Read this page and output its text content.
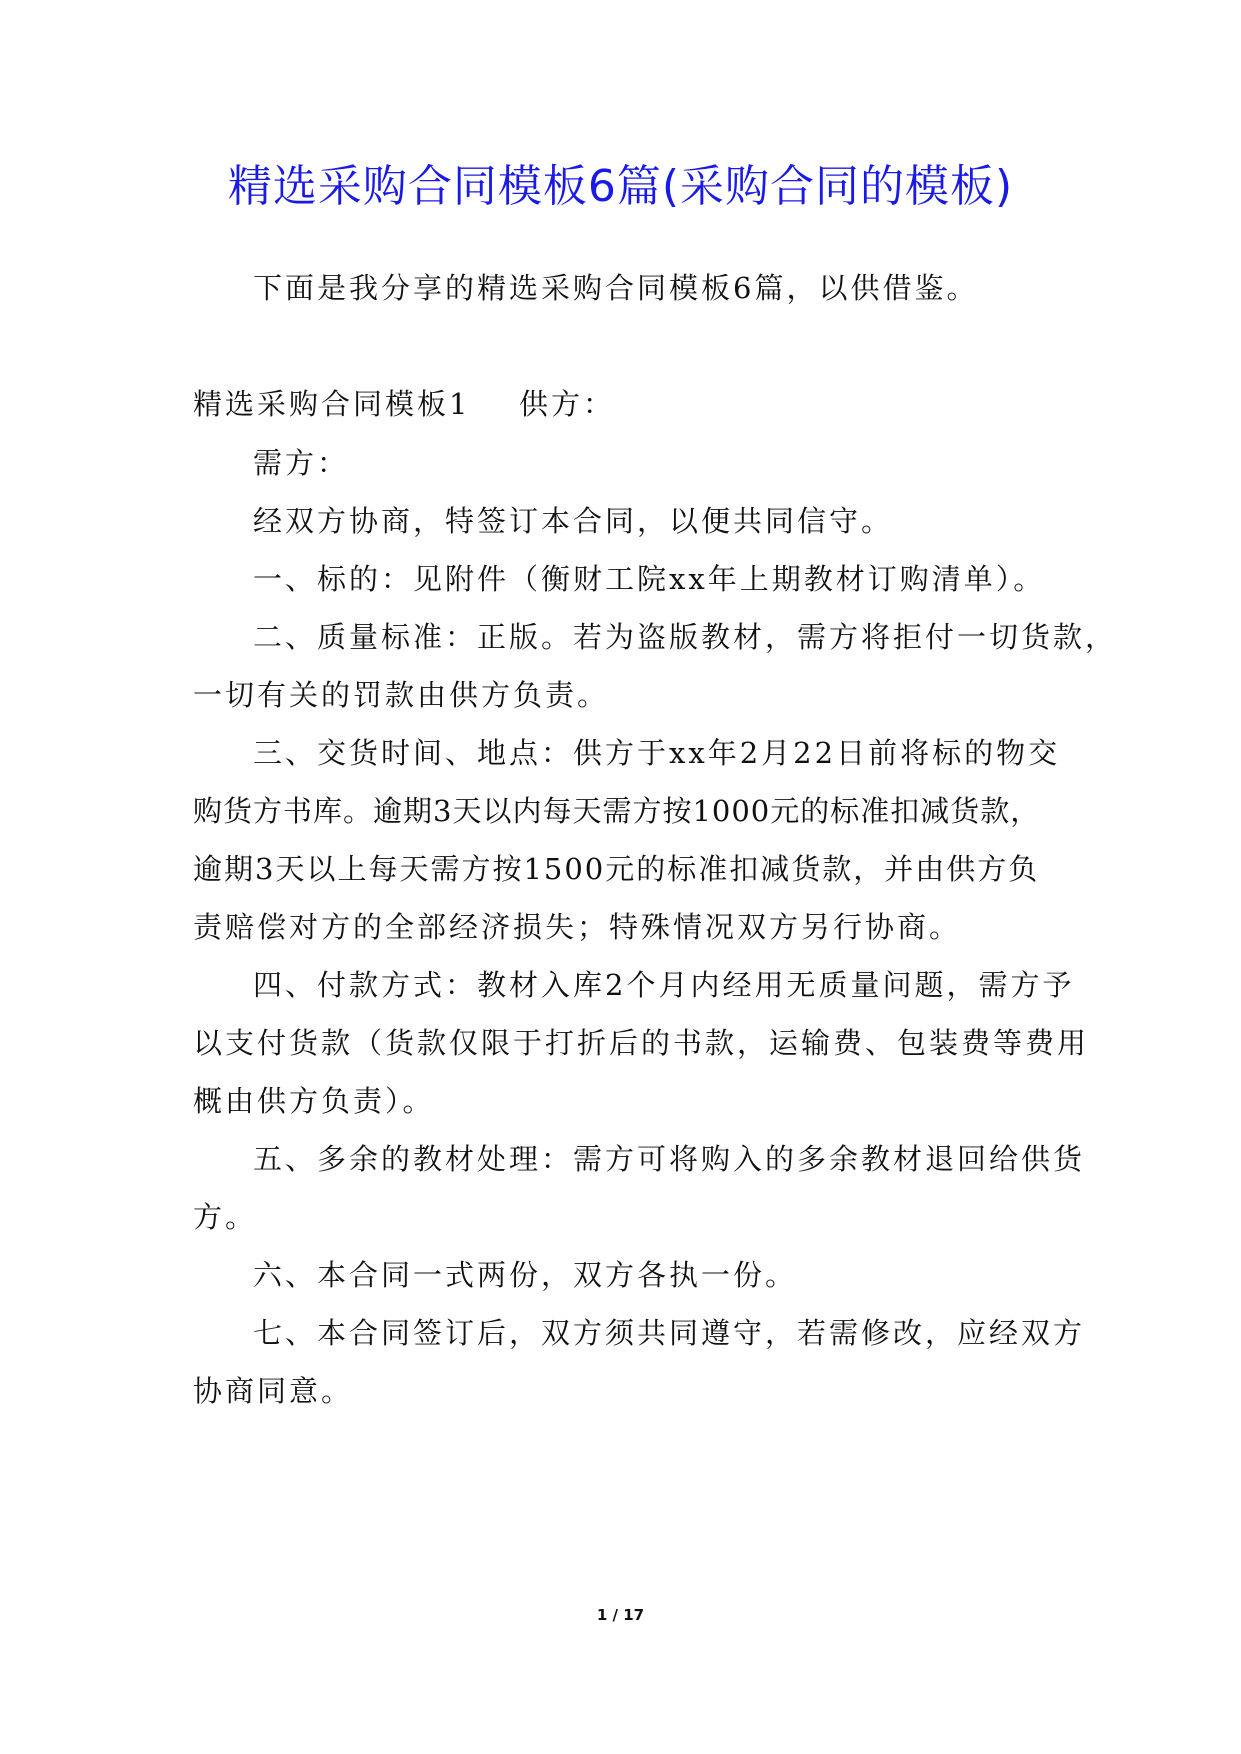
精选采购合同模板6篇(采购合同的模板)
下面是我分享的精选采购合同模板6篇，以供借鉴。
精选采购合同模板1 供方：
需方：
经双方协商，特签订本合同，以便共同信守。
一、标的：见附件（衡财工院xx年上期教材订购清单）。
二、质量标准：正版。若为盗版教材，需方将拒付一切货款，
一切有关的罚款由供方负责。
三、交货时间、地点：供方于xx年2月22日前将标的物交
购货方书库。逾期3天以内每天需方按1000元的标准扣减货款，
逾期3天以上每天需方按1500元的标准扣减货款，并由供方负
责赔偿对方的全部经济损失；特殊情况双方另行协商。
四、付款方式：教材入库2个月内经用无质量问题，需方予
以支付货款（货款仅限于打折后的书款，运输费、包装费等费用
概由供方负责）。
五、多余的教材处理：需方可将购入的多余教材退回给供货
方。
六、本合同一式两份，双方各执一份。
七、本合同签订后，双方须共同遵守，若需修改，应经双方
协商同意。
1 / 17
